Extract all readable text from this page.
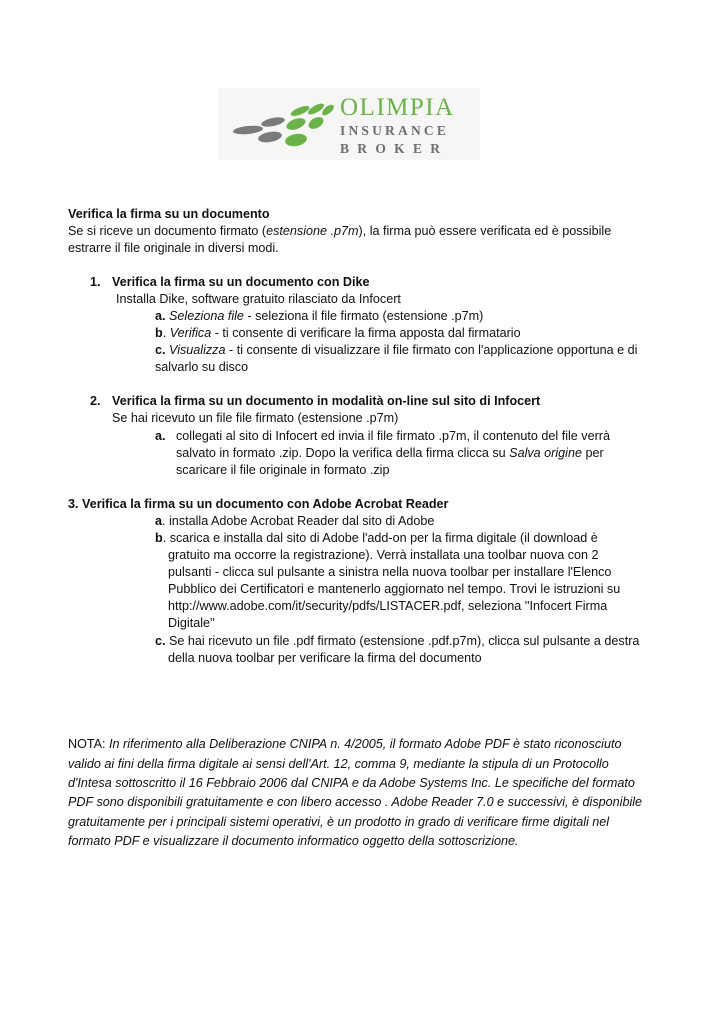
OLIMPIA
INSURANCE
BROKER
Verifica la firma su un documento
Se si riceve un documento firmato (estensione .p7m), la firma può essere verificata ed è possibile
estrarre il file originale in diversi modi.
1. Verifica la firma su un documento con Dike
Installa Dike, software gratuito rilasciato da Infocert
a. Seleziona file - seleziona il file firmato (estensione .p7m)
b. Verifica - ti consente di verificare la firma apposta dal firmatario
c. Visualizza - ti consente di visualizzare il file firmato con l'applicazione opportuna e di
salvarlo su disco
2. Verifica la firma su un documento in modalità on-line sul sito di Infocert
Se hai ricevuto un file file firmato (estensione .p7m)
a. collegati al sito di Infocert ed invia il file firmato .p7m, il contenuto del file verrà
salvato in formato .zip. Dopo la verifica della firma clicca su Salva origine per
scaricare il file originale in formato .zip
3. Verifica la firma su un documento con Adobe Acrobat Reader
a. installa Adobe Acrobat Reader dal sito di Adobe
b. scarica e installa dal sito di Adobe l'add-on per la firma digitale (il download è
gratuito ma occorre la registrazione). Verrà installata una toolbar nuova con 2
pulsanti - clicca sul pulsante a sinistra nella nuova toolbar per installare l'Elenco
Pubblico dei Certificatori e mantenerlo aggiornato nel tempo. Trovi le istruzioni su
http://www.adobe.com/it/security/pdfs/LISTACER.pdf, seleziona ''Infocert Firma
Digitale''
c. Se hai ricevuto un file .pdf firmato (estensione .pdf.p7m), clicca sul pulsante a destra
della nuova toolbar per verificare la firma del documento
NOTA: In riferimento alla Deliberazione CNIPA n. 4/2005, il formato Adobe PDF è stato riconosciuto
valido ai fini della firma digitale ai sensi dell'Art. 12, comma 9, mediante la stipula di un Protocollo
d'Intesa sottoscritto il 16 Febbraio 2006 dal CNIPA e da Adobe Systems Inc. Le specifiche del formato
PDF sono disponibili gratuitamente e con libero accesso . Adobe Reader 7.0 e successivi, è disponibile
gratuitamente per i principali sistemi operativi, è un prodotto in grado di verificare firme digitali nel
formato PDF e visualizzare il documento informatico oggetto della sottoscrizione.
